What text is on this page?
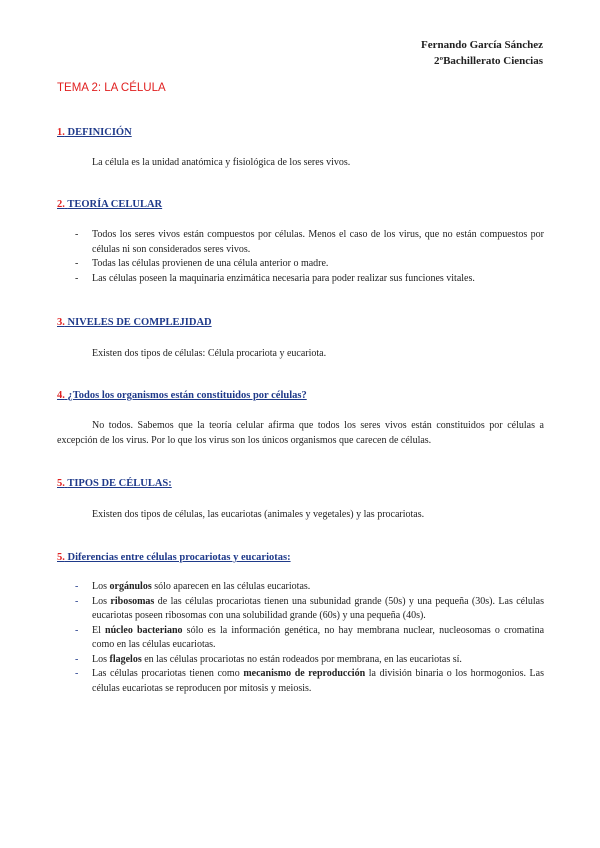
Fernando García Sánchez
2ºBachillerato Ciencias
TEMA 2: LA CÉLULA
1. DEFINICIÓN
La célula es la unidad anatómica y fisiológica de los seres vivos.
2. TEORÍA CELULAR
- Todos los seres vivos están compuestos por células. Menos el caso de los virus, que no están compuestos por células ni son considerados seres vivos.
- Todas las células provienen de una célula anterior o madre.
- Las células poseen la maquinaria enzimática necesaria para poder realizar sus funciones vitales.
3. NIVELES DE COMPLEJIDAD
Existen dos tipos de células: Célula procariota y eucariota.
4. ¿Todos los organismos están constituidos por células?
No todos. Sabemos que la teoría celular afirma que todos los seres vivos están constituidos por células a excepción de los virus. Por lo que los virus son los únicos organismos que carecen de células.
5. TIPOS DE CÉLULAS:
Existen dos tipos de células, las eucariotas (animales y vegetales) y las procariotas.
5. Diferencias entre células procariotas y eucariotas:
- Los orgánulos sólo aparecen en las células eucariotas.
- Los ribosomas de las células procariotas tienen una subunidad grande (50s) y una pequeña (30s). Las células eucariotas poseen ribosomas con una solubilidad grande (60s) y una pequeña (40s).
- El núcleo bacteriano sólo es la información genética, no hay membrana nuclear, nucleosomas o cromatina como en las células eucariotas.
- Los flagelos en las células procariotas no están rodeados por membrana, en las eucariotas sí.
- Las células procariotas tienen como mecanismo de reproducción la división binaria o los hormogonios. Las células eucariotas se reproducen por mitosis y meiosis.
